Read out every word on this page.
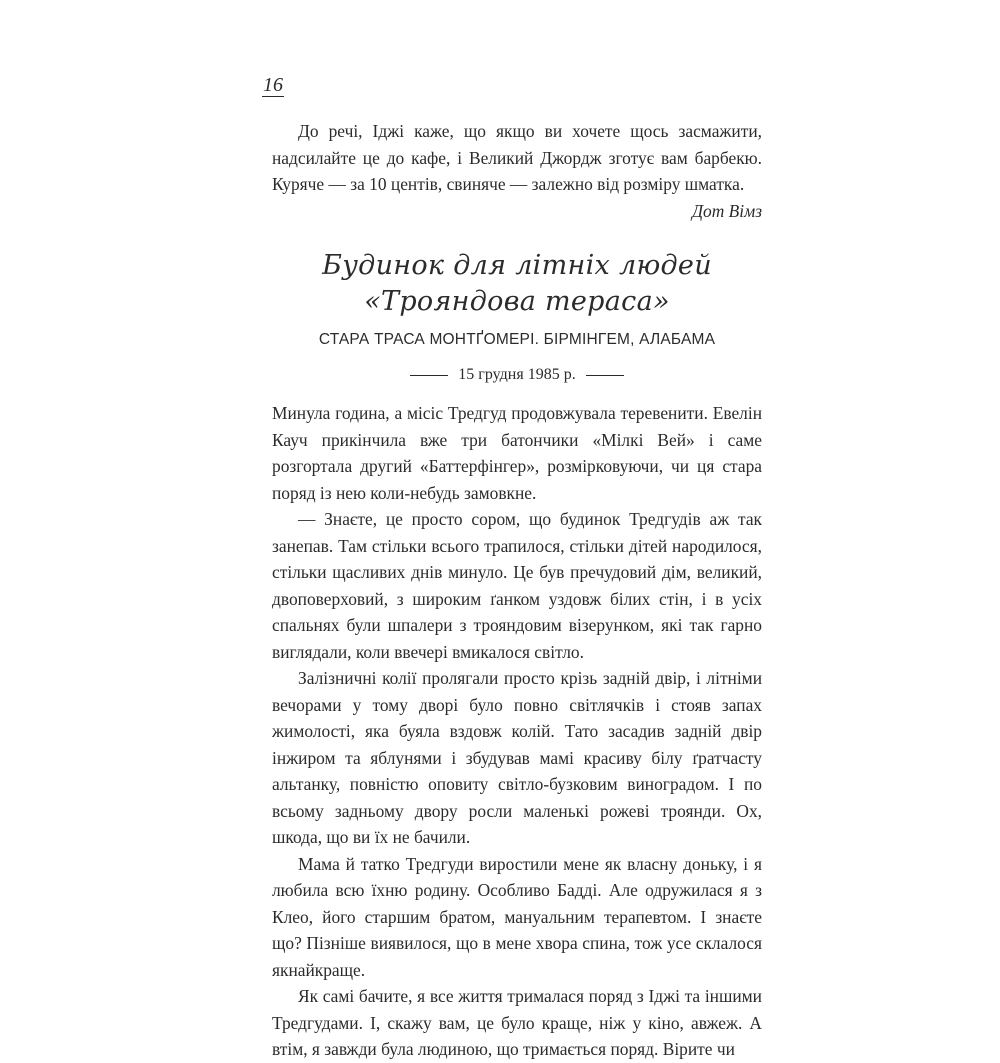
16

До речі, Іджі каже, що якщо ви хочете щось засмажити, надсилайте це до кафе, і Великий Джордж зготує вам барбекю. Куряче — за 10 центів, свиняче — залежно від розміру шматка.

Дот Вімз
Будинок для літніх людей
«Трояндова тераса»
СТАРА ТРАСА МОНТҐОМЕРІ. БІРМІНГЕМ, АЛАБАМА
15 грудня 1985 р.

Минула година, а місіс Тредгуд продовжувала теревенити. Евелін Кауч прикінчила вже три батончики «Мілкі Вей» і саме розгортала другий «Баттерфінгер», розмірковуючи, чи ця стара поряд із нею коли-небудь замовкне.

— Знаєте, це просто сором, що будинок Тредгудів аж так занепав. Там стільки всього трапилося, стільки дітей народилося, стільки щасливих днів минуло. Це був пречудовий дім, великий, двоповерховий, з широким ґанком уздовж білих стін, і в усіх спальнях були шпалери з трояндовим візерунком, які так гарно виглядали, коли ввечері вмикалося світло.

Залізничні колії пролягали просто крізь задній двір, і літніми вечорами у тому дворі було повно світлячків і стояв запах жимолості, яка буяла вздовж колій. Тато засадив задній двір інжиром та яблунями і збудував мамі красиву білу ґратчасту альтанку, повністю оповиту світло-бузковим виноградом. І по всьому задньому двору росли маленькі рожеві троянди. Ох, шкода, що ви їх не бачили.

Мама й татко Тредгуди виростили мене як власну доньку, і я любила всю їхню родину. Особливо Бадді. Але одружилася я з Клео, його старшим братом, мануальним терапевтом. І знаєте що? Пізніше виявилося, що в мене хвора спина, тож усе склалося якнайкраще.

Як самі бачите, я все життя трималася поряд з Іджі та іншими Тредгудами. І, скажу вам, це було краще, ніж у кіно, авжеж. А втім, я завжди була людиною, що тримається поряд. Вірите чи
